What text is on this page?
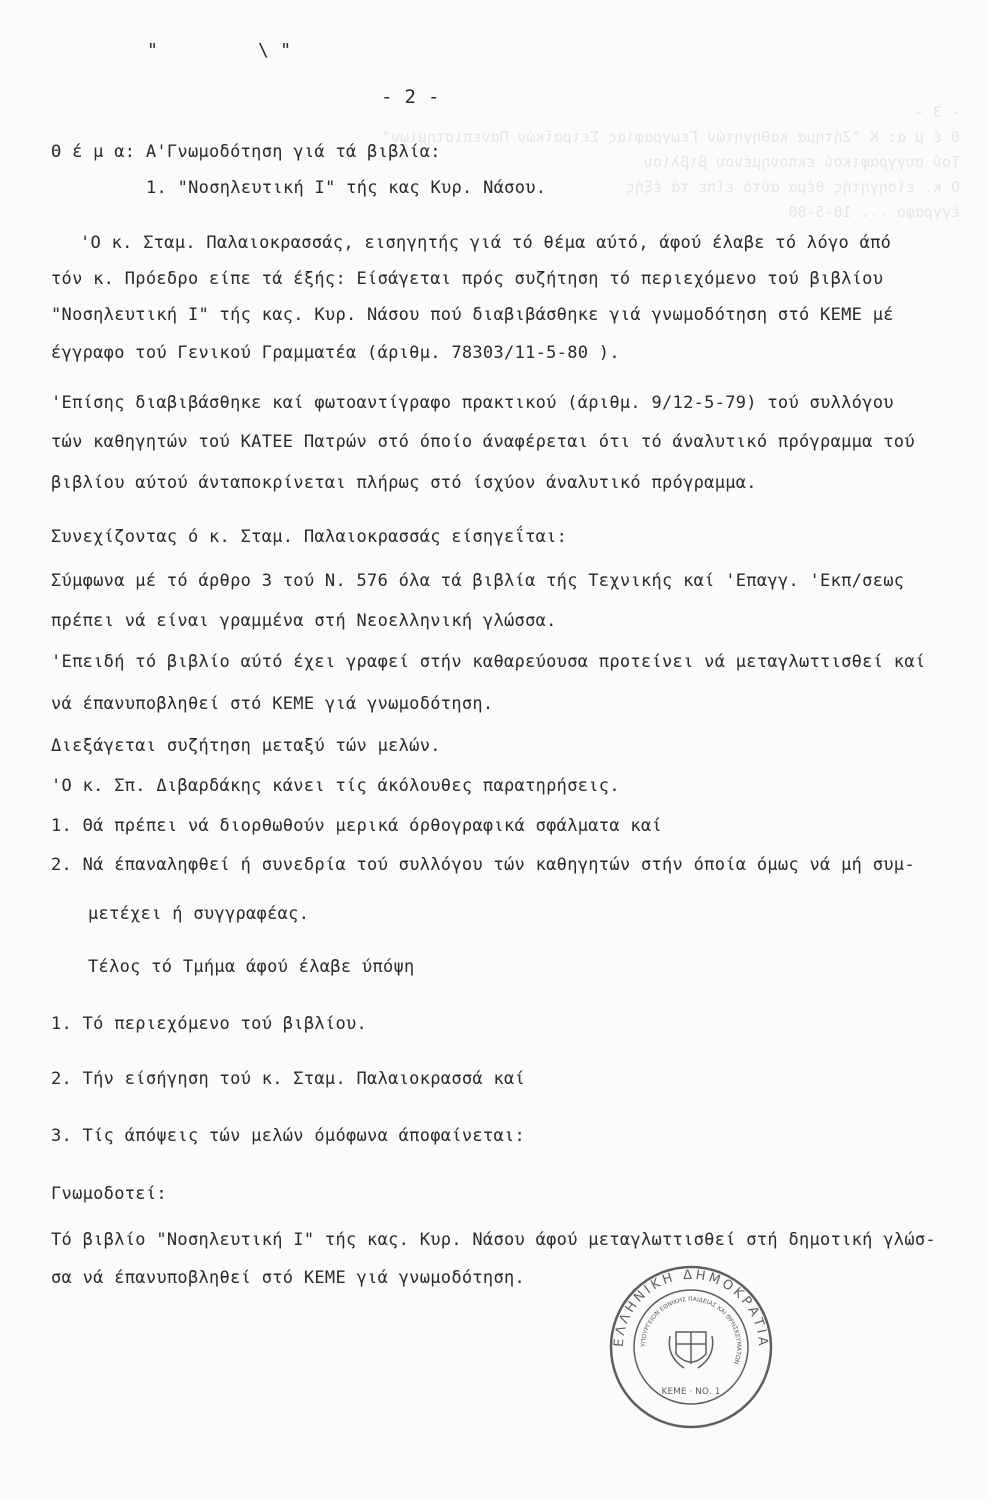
- 3 -
Θ έ μ α: Κ "Ζήτημα καθηγητών Γεωγραφίας Σειραϊκών Πανεπιστημίων"
Τού συγγραφικού εκπονημένου βιβλίου
Ο κ. είσηγητής θέμα αύτό είπε τά έξής
έγγραφο ... 10-5-80
"	\ "
- 2 -
Θ έ μ α: Α'Γνωμοδότηση γιά τά βιβλία:
1. "Νοσηλευτική Ι" τής κας Κυρ. Νάσου.
'Ο κ. Σταμ. Παλαιοκρασσάς, εισηγητής γιά τό θέμα αύτό, άφού έλαβε τό λόγο άπό
τόν κ. Πρόεδρο είπε τά έξής: Είσάγεται πρός συζήτηση τό περιεχόμενο τού βιβλίου
"Νοσηλευτική Ι" τής κας. Κυρ. Νάσου πού διαβιβάσθηκε γιά γνωμοδότηση στό ΚΕΜΕ μέ
έγγραφο τού Γενικού Γραμματέα (άριθμ. 78303/11-5-80 ).
'Επίσης διαβιβάσθηκε καί φωτοαντίγραφο πρακτικού (άριθμ. 9/12-5-79) τού συλλόγου
τών καθηγητών τού ΚΑΤΕΕ Πατρών στό όποίο άναφέρεται ότι τό άναλυτικό πρόγραμμα τού
βιβλίου αύτού άνταποκρίνεται πλήρως στό ίσχύον άναλυτικό πρόγραμμα.
Συνεχίζοντας ό κ. Σταμ. Παλαιοκρασσάς είσηγεΐται:
Σύμφωνα μέ τό άρθρο 3 τού Ν. 576 όλα τά βιβλία τής Τεχνικής καί 'Επαγγ. 'Εκπ/σεως
πρέπει νά είναι γραμμένα στή Νεοελληνική γλώσσα.
'Επειδή τό βιβλίο αύτό έχει γραφεί στήν καθαρεύουσα προτείνει νά μεταγλωττισθεί καί
νά έπανυποβληθεί στό ΚΕΜΕ γιά γνωμοδότηση.
Διεξάγεται συζήτηση μεταξύ τών μελών.
'Ο κ. Σπ. Διβαρδάκης κάνει τίς άκόλουθες παρατηρήσεις.
1. Θά πρέπει νά διορθωθούν μερικά όρθογραφικά σφάλματα καί
2. Νά έπαναληφθεί ή συνεδρία τού συλλόγου τών καθηγητών στήν όποία όμως νά μή συμ-
μετέχει ή συγγραφέας.
Τέλος τό Τμήμα άφού έλαβε ύπόψη
1. Τό περιεχόμενο τού βιβλίου.
2. Τήν είσήγηση τού κ. Σταμ. Παλαιοκρασσά καί
3. Τίς άπόψεις τών μελών όμόφωνα άποφαίνεται:
Γνωμοδοτεί:
Τό βιβλίο "Νοσηλευτική Ι" τής κας. Κυρ. Νάσου άφού μεταγλωττισθεί στή δημοτική γλώσ-
σα νά έπανυποβληθεί στό ΚΕΜΕ γιά γνωμοδότηση.
ΕΛΛΗΝΙΚΗ ΔΗΜΟΚΡΑΤΙΑ
ΥΠΟΥΡΓΕΙΟΝ ΕΘΝΙΚΗΣ ΠΑΙΔΕΙΑΣ ΚΑΙ ΘΡΗΣΚΕΥΜΑΤΩΝ
ΚΕΜΕ · ΝΟ. 1
